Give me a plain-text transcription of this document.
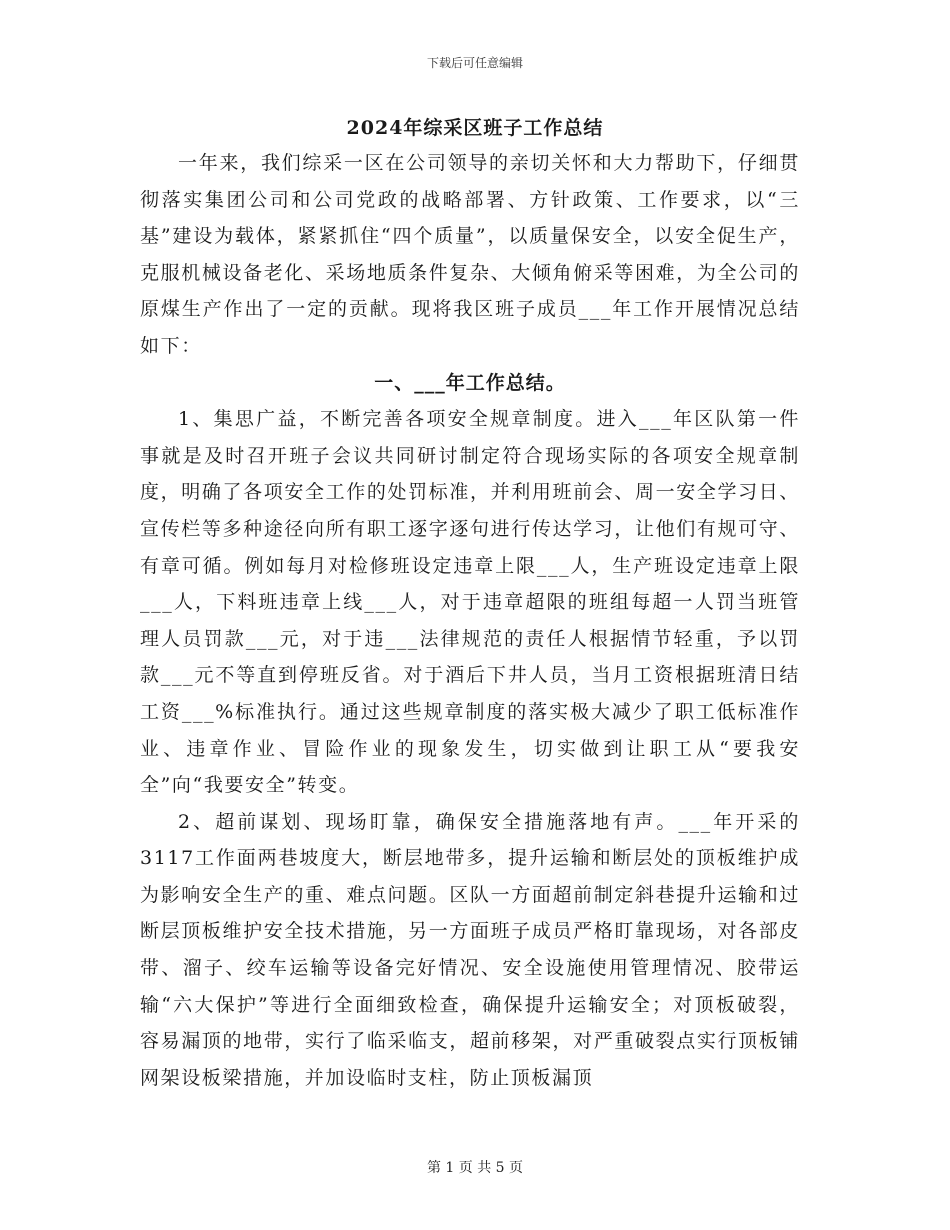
下载后可任意编辑
2024年综采区班子工作总结

一年来，我们综采一区在公司领导的亲切关怀和大力帮助下，仔细贯彻落实集团公司和公司党政的战略部署、方针政策、工作要求，以“三基”建设为载体，紧紧抓住“四个质量”，以质量保安全，以安全促生产，克服机械设备老化、采场地质条件复杂、大倾角俯采等困难，为全公司的原煤生产作出了一定的贡献。现将我区班子成员___年工作开展情况总结如下：

一、___年工作总结。

1、集思广益，不断完善各项安全规章制度。进入___年区队第一件事就是及时召开班子会议共同研讨制定符合现场实际的各项安全规章制度，明确了各项安全工作的处罚标准，并利用班前会、周一安全学习日、宣传栏等多种途径向所有职工逐字逐句进行传达学习，让他们有规可守、有章可循。例如每月对检修班设定违章上限___人，生产班设定违章上限___人，下料班违章上线___人，对于违章超限的班组每超一人罚当班管理人员罚款___元，对于违___法律规范的责任人根据情节轻重，予以罚款___元不等直到停班反省。对于酒后下井人员，当月工资根据班清日结工资___%标准执行。通过这些规章制度的落实极大减少了职工低标准作业、违章作业、冒险作业的现象发生，切实做到让职工从“要我安全”向“我要安全”转变。

2、超前谋划、现场盯靠，确保安全措施落地有声。___年开采的3117工作面两巷坡度大，断层地带多，提升运输和断层处的顶板维护成为影响安全生产的重、难点问题。区队一方面超前制定斜巷提升运输和过断层顶板维护安全技术措施，另一方面班子成员严格盯靠现场，对各部皮带、溜子、绞车运输等设备完好情况、安全设施使用管理情况、胶带运输“六大保护”等进行全面细致检查，确保提升运输安全；对顶板破裂，容易漏顶的地带，实行了临采临支，超前移架，对严重破裂点实行顶板铺网架设板梁措施，并加设临时支柱，防止顶板漏顶

第 1 页 共 5 页
